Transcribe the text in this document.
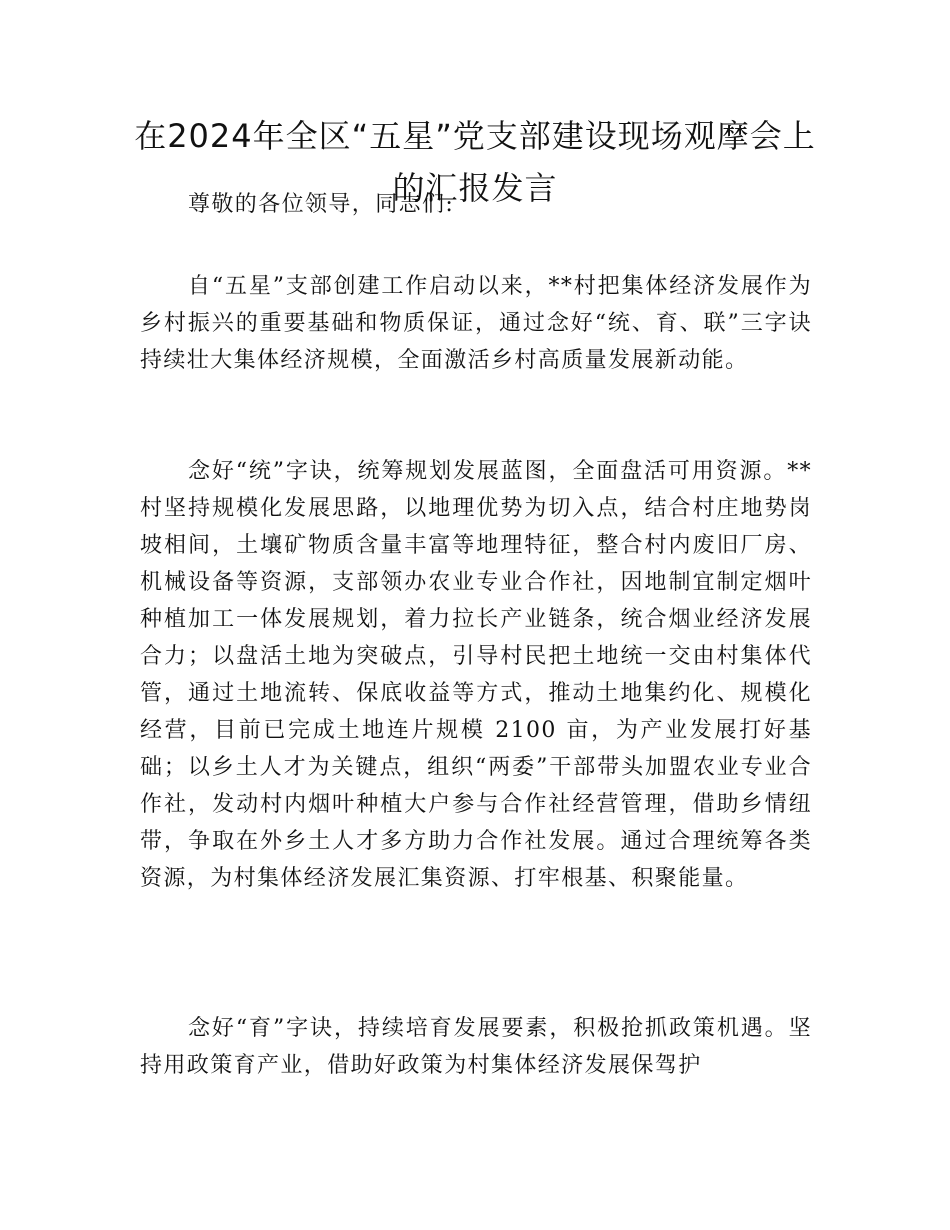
在2024年全区“五星”党支部建设现场观摩会上的汇报发言

尊敬的各位领导，同志们:

自“五星”支部创建工作启动以来，**村把集体经济发展作为乡村振兴的重要基础和物质保证，通过念好“统、育、联”三字诀持续壮大集体经济规模，全面激活乡村高质量发展新动能。

念好“统”字诀，统筹规划发展蓝图，全面盘活可用资源。**村坚持规模化发展思路，以地理优势为切入点，结合村庄地势岗坡相间，土壤矿物质含量丰富等地理特征，整合村内废旧厂房、机械设备等资源，支部领办农业专业合作社，因地制宜制定烟叶种植加工一体发展规划，着力拉长产业链条，统合烟业经济发展合力；以盘活土地为突破点，引导村民把土地统一交由村集体代管，通过土地流转、保底收益等方式，推动土地集约化、规模化经营，目前已完成土地连片规模 2100 亩，为产业发展打好基础；以乡土人才为关键点，组织“两委”干部带头加盟农业专业合作社，发动村内烟叶种植大户参与合作社经营管理，借助乡情纽带，争取在外乡土人才多方助力合作社发展。通过合理统筹各类资源，为村集体经济发展汇集资源、打牢根基、积聚能量。

念好“育”字诀，持续培育发展要素，积极抢抓政策机遇。坚持用政策育产业，借助好政策为村集体经济发展保驾护
